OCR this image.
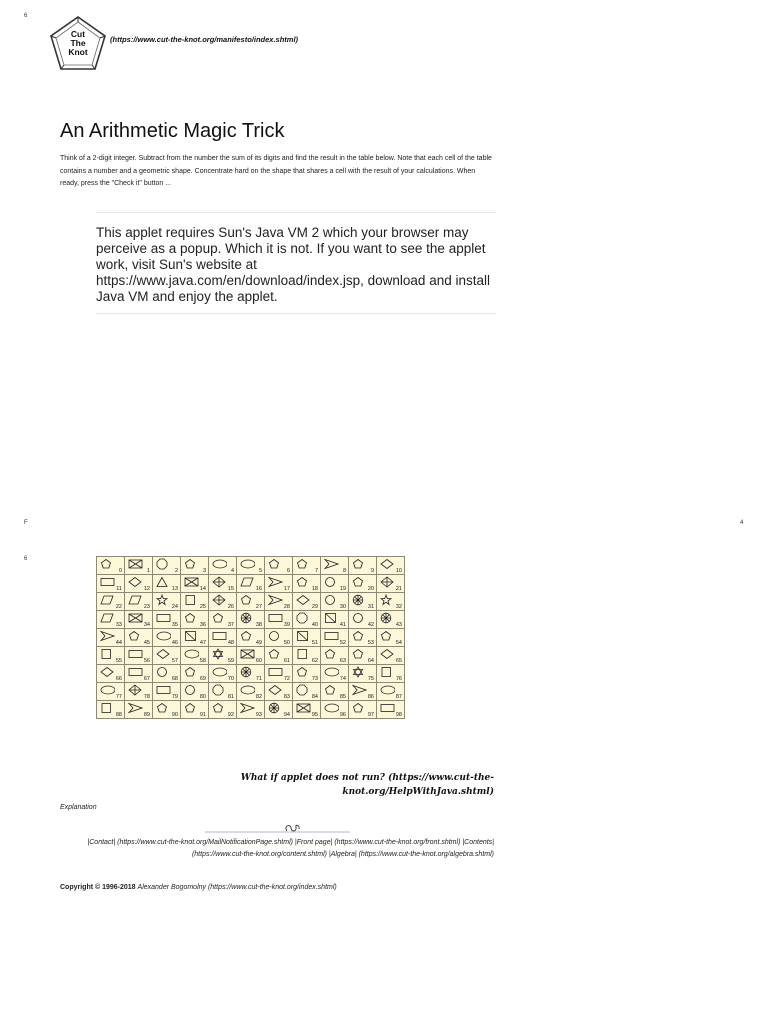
6
F	4
6
Cut
The
Knot
(https://www.cut-the-knot.org/manifesto/index.shtml)
An Arithmetic Magic Trick
Think of a 2-digit integer. Subtract from the number the sum of its digits and find the result in the table below. Note that each cell of the table contains a number and a geometric shape. Concentrate hard on the shape that shares a cell with the result of your calculations. When ready, press the "Check it" button ...

This applet requires Sun's Java VM 2 which your browser may perceive as a popup. Which it is not. If you want to see the applet work, visit Sun's website at https://www.java.com/en/download/index.jsp, download and install Java VM and enjoy the applet.

0	1	2	3	4	5	6	7	8	9	10

11	12	13	14	15	16	17	18	19	20	21

22	23	24	25	26	27	28	29	30	31	32

33	34	35	36	37	38	39	40	41	42	43

44	45	46	47	48	49	50	51	52	53	54

55	56	57	58	59	60	61	62	63	64	65

66	67	68	69	70	71	72	73	74	75	76

77	78	79	80	81	82	83	84	85	86	87

88	89	90	91	92	93	94	95	96	97	98
What if applet does not run? (https://www.cut-the-knot.org/HelpWithJava.shtml)
Explanation
|Contact| (https://www.cut-the-knot.org/MailNotificationPage.shtml) |Front page| (https://www.cut-the-knot.org/front.shtml) |Contents| (https://www.cut-the-knot.org/content.shtml) |Algebra| (https://www.cut-the-knot.org/algebra.shtml)
Copyright © 1996-2018 Alexander Bogomolny (https://www.cut-the-knot.org/index.shtml)
